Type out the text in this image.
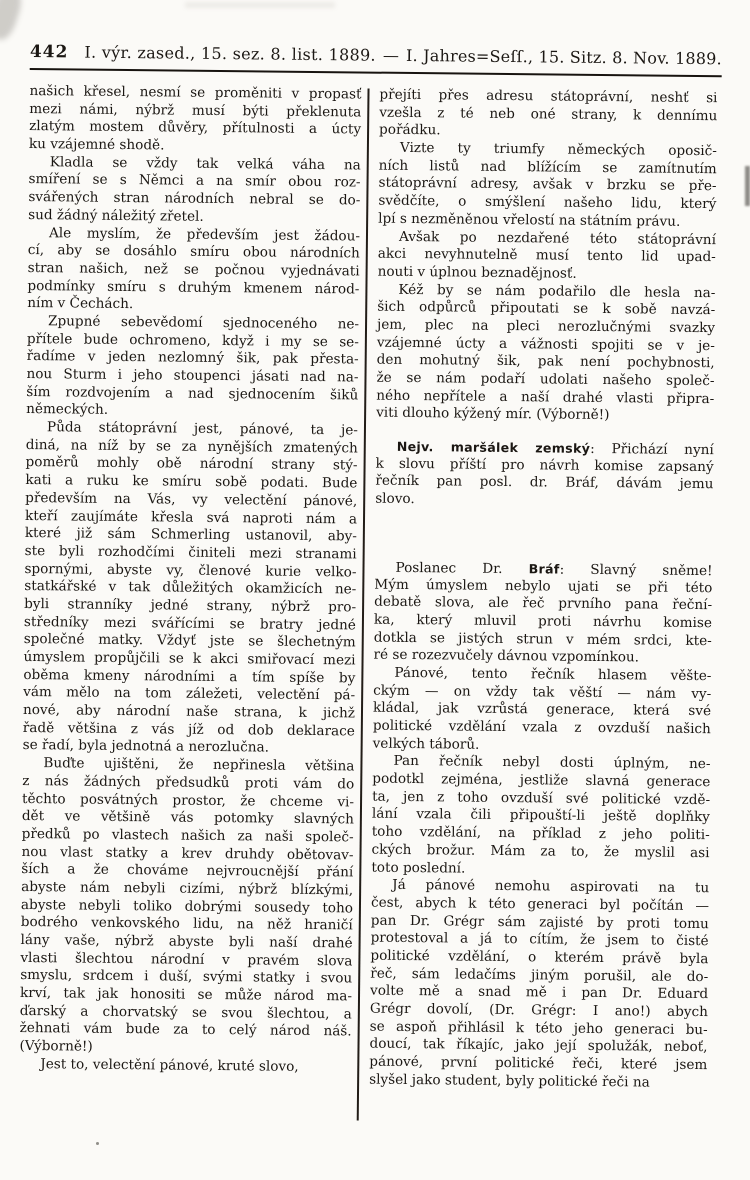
442 I. výr. zased., 15. sez. 8. list. 1889. — I. Jahres=Seſſ., 15. Sitz. 8. Nov. 1889.
našich křesel, nesmí se proměniti v propasť
mezi námi, nýbrž musí býti překlenuta
zlatým mostem důvěry, přítulnosti a úcty
ku vzájemné shodě.
Kladla se vždy tak velká váha na
smíření se s Němci a na smír obou roz-
svářených stran národních nebral se do-
sud žádný náležitý zřetel.
Ale myslím, že především jest žádou-
cí, aby se dosáhlo smíru obou národních
stran našich, než se počnou vyjednávati
podmínky smíru s druhým kmenem národ-
ním v Čechách.
Zpupné sebevědomí sjednoceného ne-
přítele bude ochromeno, když i my se se-
řadíme v jeden nezlomný šik, pak přesta-
nou Sturm i jeho stoupenci jásati nad na-
ším rozdvojením a nad sjednocením šiků
německých.
Půda státoprávní jest, pánové, ta je-
diná, na níž by se za nynějších zmatených
poměrů mohly obě národní strany stý-
kati a ruku ke smíru sobě podati. Bude
především na Vás, vy velectění pánové,
kteří zaujímáte křesla svá naproti nám a
které již sám Schmerling ustanovil, aby-
ste byli rozhodčími činiteli mezi stranami
spornými, abyste vy, členové kurie velko-
statkářské v tak důležitých okamžicích ne-
byli stranníky jedné strany, nýbrž pro-
středníky mezi svářícími se bratry jedné
společné matky. Vždyť jste se šlechetným
úmyslem propůjčili se k akci smiřovací mezi
oběma kmeny národními a tím spíše by
vám mělo na tom záležeti, velectění pá-
nové, aby národní naše strana, k jichž
řadě většina z vás jíž od dob deklarace
se řadí, byla jednotná a nerozlučna.
Buďte ujištěni, že nepřinesla většina
z nás žádných předsudků proti vám do
těchto posvátných prostor, že chceme vi-
dět ve většině vás potomky slavných
předků po vlastech našich za naši společ-
nou vlast statky a krev druhdy obětovav-
ších a že chováme nejvroucnější přání
abyste nám nebyli cizími, nýbrž blízkými,
abyste nebyli toliko dobrými sousedy toho
bodrého venkovského lidu, na něž hraničí
lány vaše, nýbrž abyste byli naší drahé
vlasti šlechtou národní v pravém slova
smyslu, srdcem i duší, svými statky i svou
krví, tak jak honositi se může národ ma-
ďarský a chorvatský se svou šlechtou, a
žehnati vám bude za to celý národ náš.
(Výborně!)
Jest to, velectění pánové, kruté slovo,
přejíti přes adresu státoprávní, neshť si
vzešla z té neb oné strany, k dennímu
pořádku.
Vizte ty triumfy německých oposič-
ních listů nad blížícím se zamítnutím
státoprávní adresy, avšak v brzku se pře-
svědčíte, o smýšlení našeho lidu, který
lpí s nezměněnou vřelostí na státním právu.
Avšak po nezdařené této státoprávní
akci nevyhnutelně musí tento lid upad-
nouti v úplnou beznadějnosť.
Kéž by se nám podařilo dle hesla na-
šich odpůrců připoutati se k sobě navzá-
jem, plec na pleci nerozlučnými svazky
vzájemné úcty a vážnosti spojiti se v je-
den mohutný šik, pak není pochybnosti,
že se nám podaří udolati našeho společ-
ného nepřítele a naší drahé vlasti připra-
viti dlouho kýžený mír. (Výborně!)
Nejv. maršálek zemský: Přichází nyní
k slovu příští pro návrh komise zapsaný
řečník pan posl. dr. Bráf, dávám jemu
slovo.
Poslanec Dr. Bráf: Slavný sněme!
Mým úmyslem nebylo ujati se při této
debatě slova, ale řeč prvního pana řeční-
ka, který mluvil proti návrhu komise
dotkla se jistých strun v mém srdci, kte-
ré se rozezvučely dávnou vzpomínkou.
Pánové, tento řečník hlasem věšte-
ckým — on vždy tak věští — nám vy-
kládal, jak vzrůstá generace, která své
politické vzdělání vzala z ovzduší našich
velkých táborů.
Pan řečník nebyl dosti úplným, ne-
podotkl zejména, jestliže slavná generace
ta, jen z toho ovzduší své politické vzdě-
lání vzala čili připouští-li ještě doplňky
toho vzdělání, na příklad z jeho politi-
ckých brožur. Mám za to, že myslil asi
toto poslední.
Já pánové nemohu aspirovati na tu
čest, abych k této generaci byl počítán —
pan Dr. Grégr sám zajisté by proti tomu
protestoval a já to cítím, že jsem to čisté
politické vzdělání, o kterém právě byla
řeč, sám ledačíms jiným porušil, ale do-
volte mě a snad mě i pan Dr. Eduard
Grégr dovolí, (Dr. Grégr: I ano!) abych
se aspoň přihlásil k této jeho generaci bu-
doucí, tak říkajíc, jako její spolužák, neboť,
pánové, první politické řeči, které jsem
slyšel jako student, byly politické řeči na
